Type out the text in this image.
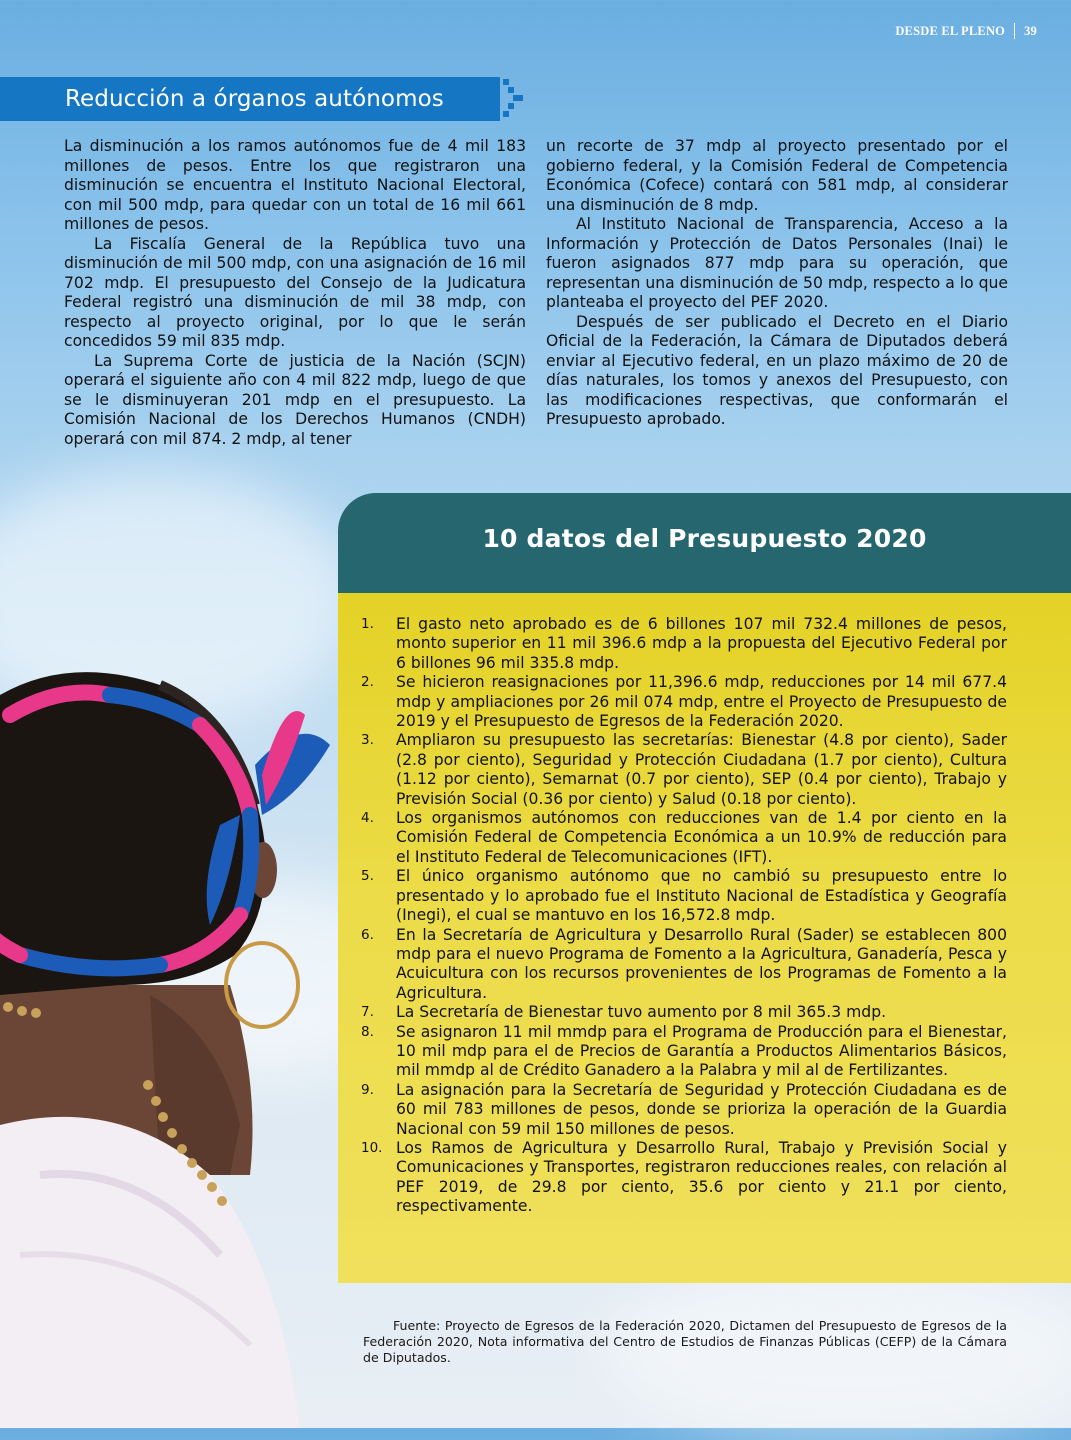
DESDE EL PLENO 39
Reducción a órganos autónomos

La disminución a los ramos autónomos fue de 4 mil 183 millones de pesos. Entre los que registraron una disminución se encuentra el Instituto Nacional Electoral, con mil 500 mdp, para quedar con un total de 16 mil 661 millones de pesos.

La Fiscalía General de la República tuvo una disminución de mil 500 mdp, con una asignación de 16 mil 702 mdp. El presupuesto del Consejo de la Judicatura Federal registró una disminución de mil 38 mdp, con respecto al proyecto original, por lo que le serán concedidos 59 mil 835 mdp.

La Suprema Corte de justicia de la Nación (SCJN) operará el siguiente año con 4 mil 822 mdp, luego de que se le disminuyeran 201 mdp en el presupuesto. La Comisión Nacional de los Derechos Humanos (CNDH) operará con mil 874. 2 mdp, al tener

un recorte de 37 mdp al proyecto presentado por el gobierno federal, y la Comisión Federal de Competencia Económica (Cofece) contará con 581 mdp, al considerar una disminución de 8 mdp.

Al Instituto Nacional de Transparencia, Acceso a la Información y Protección de Datos Personales (Inai) le fueron asignados 877 mdp para su operación, que representan una disminución de 50 mdp, respecto a lo que planteaba el proyecto del PEF 2020.

Después de ser publicado el Decreto en el Diario Oficial de la Federación, la Cámara de Diputados deberá enviar al Ejecutivo federal, en un plazo máximo de 20 de días naturales, los tomos y anexos del Presupuesto, con las modificaciones respectivas, que conformarán el Presupuesto aprobado.

10 datos del Presupuesto 2020
1.	El gasto neto aprobado es de 6 billones 107 mil 732.4 millones de pesos, monto superior en 11 mil 396.6 mdp a la propuesta del Ejecutivo Federal por 6 billones 96 mil 335.8 mdp.
2.	Se hicieron reasignaciones por 11,396.6 mdp, reducciones por 14 mil 677.4 mdp y ampliaciones por 26 mil 074 mdp, entre el Proyecto de Presupuesto de 2019 y el Presupuesto de Egresos de la Federación 2020.
3.	Ampliaron su presupuesto las secretarías: Bienestar (4.8 por ciento), Sader (2.8 por ciento), Seguridad y Protección Ciudadana (1.7 por ciento), Cultura (1.12 por ciento), Semarnat (0.7 por ciento), SEP (0.4 por ciento), Trabajo y Previsión Social (0.36 por ciento) y Salud (0.18 por ciento).
4.	Los organismos autónomos con reducciones van de 1.4 por ciento en la Comisión Federal de Competencia Económica a un 10.9% de reducción para el Instituto Federal de Telecomunicaciones (IFT).
5.	El único organismo autónomo que no cambió su presupuesto entre lo presentado y lo aprobado fue el Instituto Nacional de Estadística y Geografía (Inegi), el cual se mantuvo en los 16,572.8 mdp.
6.	En la Secretaría de Agricultura y Desarrollo Rural (Sader) se establecen 800 mdp para el nuevo Programa de Fomento a la Agricultura, Ganadería, Pesca y Acuicultura con los recursos provenientes de los Programas de Fomento a la Agricultura.
7.	La Secretaría de Bienestar tuvo aumento por 8 mil 365.3 mdp.
8.	Se asignaron 11 mil mmdp para el Programa de Producción para el Bienestar, 10 mil mdp para el de Precios de Garantía a Productos Alimentarios Básicos, mil mmdp al de Crédito Ganadero a la Palabra y mil al de Fertilizantes.
9.	La asignación para la Secretaría de Seguridad y Protección Ciudadana es de 60 mil 783 millones de pesos, donde se prioriza la operación de la Guardia Nacional con 59 mil 150 millones de pesos.
10. Los Ramos de Agricultura y Desarrollo Rural, Trabajo y Previsión Social y Comunicaciones y Transportes, registraron reducciones reales, con relación al PEF 2019, de 29.8 por ciento, 35.6 por ciento y 21.1 por ciento, respectivamente.

Fuente: Proyecto de Egresos de la Federación 2020, Dictamen del Presupuesto de Egresos de la Federación 2020, Nota informativa del Centro de Estudios de Finanzas Públicas (CEFP) de la Cámara de Diputados.
